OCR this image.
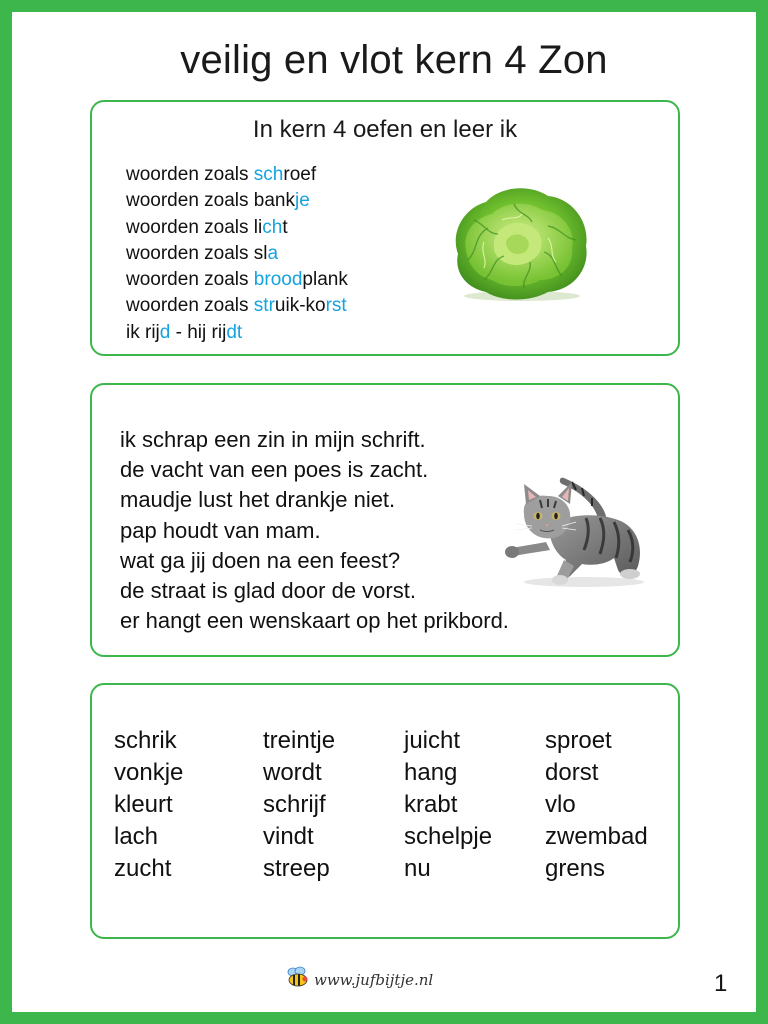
veilig en vlot kern 4 Zon
In kern 4 oefen en leer ik
woorden zoals schroef
woorden zoals bankje
woorden zoals licht
woorden zoals sla
woorden zoals broodplank
woorden zoals struik-korst
ik rijd - hij rijdt
ik schrap een zin in mijn schrift.
de vacht van een poes is zacht.
maudje lust het drankje niet.
pap houdt van mam.
wat ga jij doen na een feest?
de straat is glad door de vorst.
er hangt een wenskaart op het prikbord.
schrik
vonkje
kleurt
lach
zucht
treintje
wordt
schrijf
vindt
streep
juicht
hang
krabt
schelpje
nu
sproet
dorst
vlo
zwembad
grens
www.jufbijtje.nl	1
